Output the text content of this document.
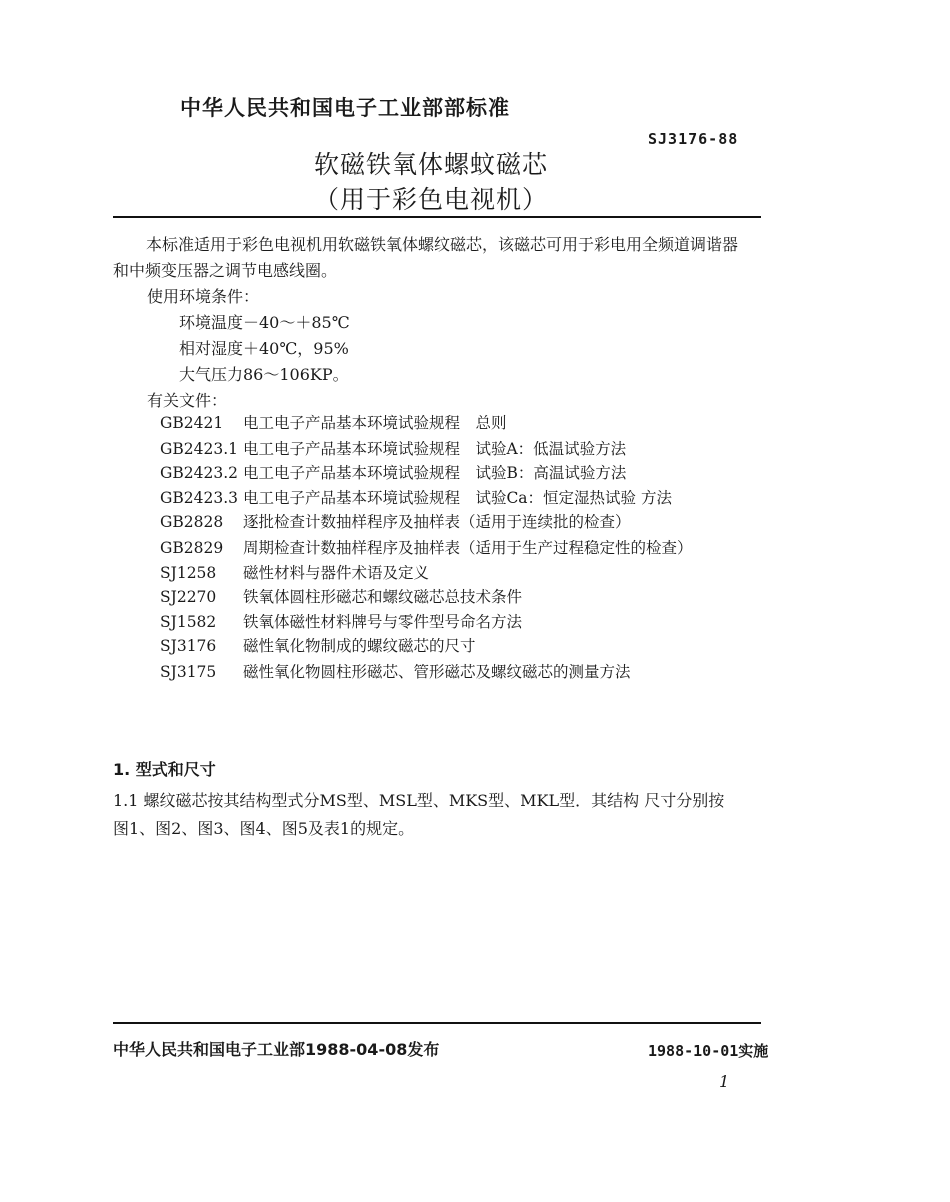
中华人民共和国电子工业部部标准
SJ3176-88
软磁铁氧体螺蚊磁芯
（用于彩色电视机）
本标准适用于彩色电视机用软磁铁氧体螺纹磁芯，该磁芯可用于彩电用全频道调谐器
和中频变压器之调节电感线圈。
使用环境条件：
环境温度－40～＋85℃
相对湿度＋40℃，95%
大气压力86～106KP。
有关文件：
GB2421 电工电子产品基本环境试验规程　总则
GB2423.1 电工电子产品基本环境试验规程　试验A：低温试验方法
GB2423.2 电工电子产品基本环境试验规程　试验B：高温试验方法
GB2423.3 电工电子产品基本环境试验规程　试验Ca：恒定湿热试验 方法
GB2828 逐批检查计数抽样程序及抽样表（适用于连续批的检查）
GB2829 周期检查计数抽样程序及抽样表（适用于生产过程稳定性的检查）
SJ1258 磁性材料与器件术语及定义
SJ2270 铁氧体圆柱形磁芯和螺纹磁芯总技术条件
SJ1582 铁氧体磁性材料牌号与零件型号命名方法
SJ3176 磁性氧化物制成的螺纹磁芯的尺寸
SJ3175 磁性氧化物圆柱形磁芯、管形磁芯及螺纹磁芯的测量方法
1. 型式和尺寸
1.1 螺纹磁芯按其结构型式分MS型、MSL型、MKS型、MKL型．其结构 尺寸分别按
图1、图2、图3、图4、图5及表1的规定。
中华人民共和国电子工业部1988-04-08发布	1988-10-01实施
1
